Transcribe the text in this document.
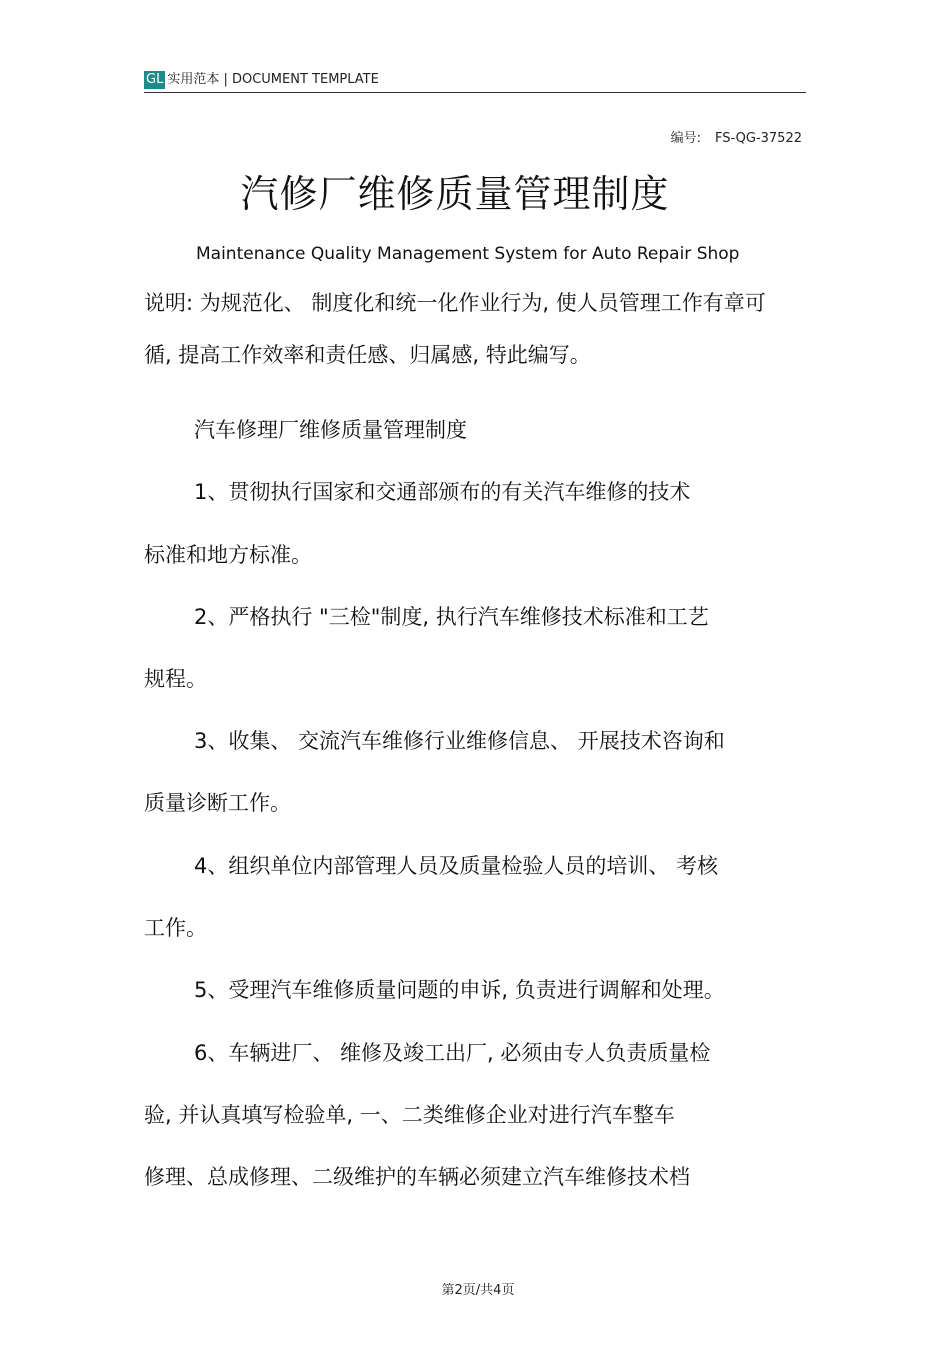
GL 实用范本 | DOCUMENT TEMPLATE
编号: FS-QG-37522
汽修厂维修质量管理制度
Maintenance Quality Management System for Auto Repair Shop
说明: 为规范化、 制度化和统一化作业行为, 使人员管理工作有章可
循, 提高工作效率和责任感、归属感, 特此编写。
汽车修理厂维修质量管理制度
1、贯彻执行国家和交通部颁布的有关汽车维修的技术
标准和地方标准。
2、严格执行 "三检"制度, 执行汽车维修技术标准和工艺
规程。
3、收集、 交流汽车维修行业维修信息、 开展技术咨询和
质量诊断工作。
4、组织单位内部管理人员及质量检验人员的培训、 考核
工作。
5、受理汽车维修质量问题的申诉, 负责进行调解和处理。
6、车辆进厂、 维修及竣工出厂, 必须由专人负责质量检
验, 并认真填写检验单, 一、二类维修企业对进行汽车整车
修理、总成修理、二级维护的车辆必须建立汽车维修技术档
第2页/共4页
